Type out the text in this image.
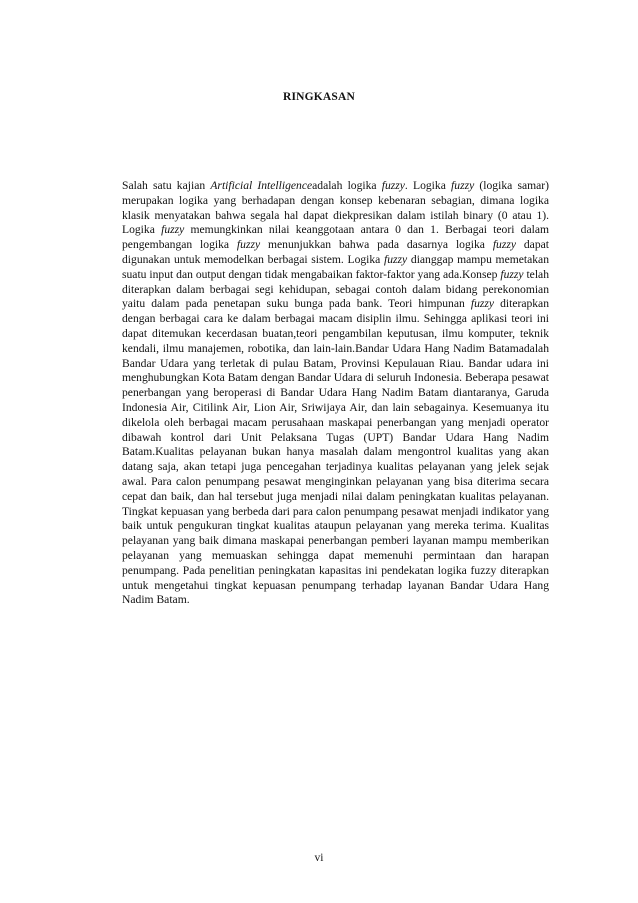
RINGKASAN

Salah satu kajian Artificial Intelligenceadalah logika fuzzy. Logika fuzzy (logika samar) merupakan logika yang berhadapan dengan konsep kebenaran sebagian, dimana logika klasik menyatakan bahwa segala hal dapat diekpresikan dalam istilah binary (0 atau 1). Logika fuzzy memungkinkan nilai keanggotaan antara 0 dan 1. Berbagai teori dalam pengembangan logika fuzzy menunjukkan bahwa pada dasarnya logika fuzzy dapat digunakan untuk memodelkan berbagai sistem. Logika fuzzy dianggap mampu memetakan suatu input dan output dengan tidak mengabaikan faktor-faktor yang ada.Konsep fuzzy telah diterapkan dalam berbagai segi kehidupan, sebagai contoh dalam bidang perekonomian yaitu dalam pada penetapan suku bunga pada bank. Teori himpunan fuzzy diterapkan dengan berbagai cara ke dalam berbagai macam disiplin ilmu. Sehingga aplikasi teori ini dapat ditemukan kecerdasan buatan,teori pengambilan keputusan, ilmu komputer, teknik kendali, ilmu manajemen, robotika, dan lain-lain.Bandar Udara Hang Nadim Batamadalah Bandar Udara yang terletak di pulau Batam, Provinsi Kepulauan Riau. Bandar udara ini menghubungkan Kota Batam dengan Bandar Udara di seluruh Indonesia. Beberapa pesawat penerbangan yang beroperasi di Bandar Udara Hang Nadim Batam diantaranya, Garuda Indonesia Air, Citilink Air, Lion Air, Sriwijaya Air, dan lain sebagainya. Kesemuanya itu dikelola oleh berbagai macam perusahaan maskapai penerbangan yang menjadi operator dibawah kontrol dari Unit Pelaksana Tugas (UPT) Bandar Udara Hang Nadim Batam.Kualitas pelayanan bukan hanya masalah dalam mengontrol kualitas yang akan datang saja, akan tetapi juga pencegahan terjadinya kualitas pelayanan yang jelek sejak awal. Para calon penumpang pesawat menginginkan pelayanan yang bisa diterima secara cepat dan baik, dan hal tersebut juga menjadi nilai dalam peningkatan kualitas pelayanan. Tingkat kepuasan yang berbeda dari para calon penumpang pesawat menjadi indikator yang baik untuk pengukuran tingkat kualitas ataupun pelayanan yang mereka terima. Kualitas pelayanan yang baik dimana maskapai penerbangan pemberi layanan mampu memberikan pelayanan yang memuaskan sehingga dapat memenuhi permintaan dan harapan penumpang. Pada penelitian peningkatan kapasitas ini pendekatan logika fuzzy diterapkan untuk mengetahui tingkat kepuasan penumpang terhadap layanan Bandar Udara Hang Nadim Batam.

vi
